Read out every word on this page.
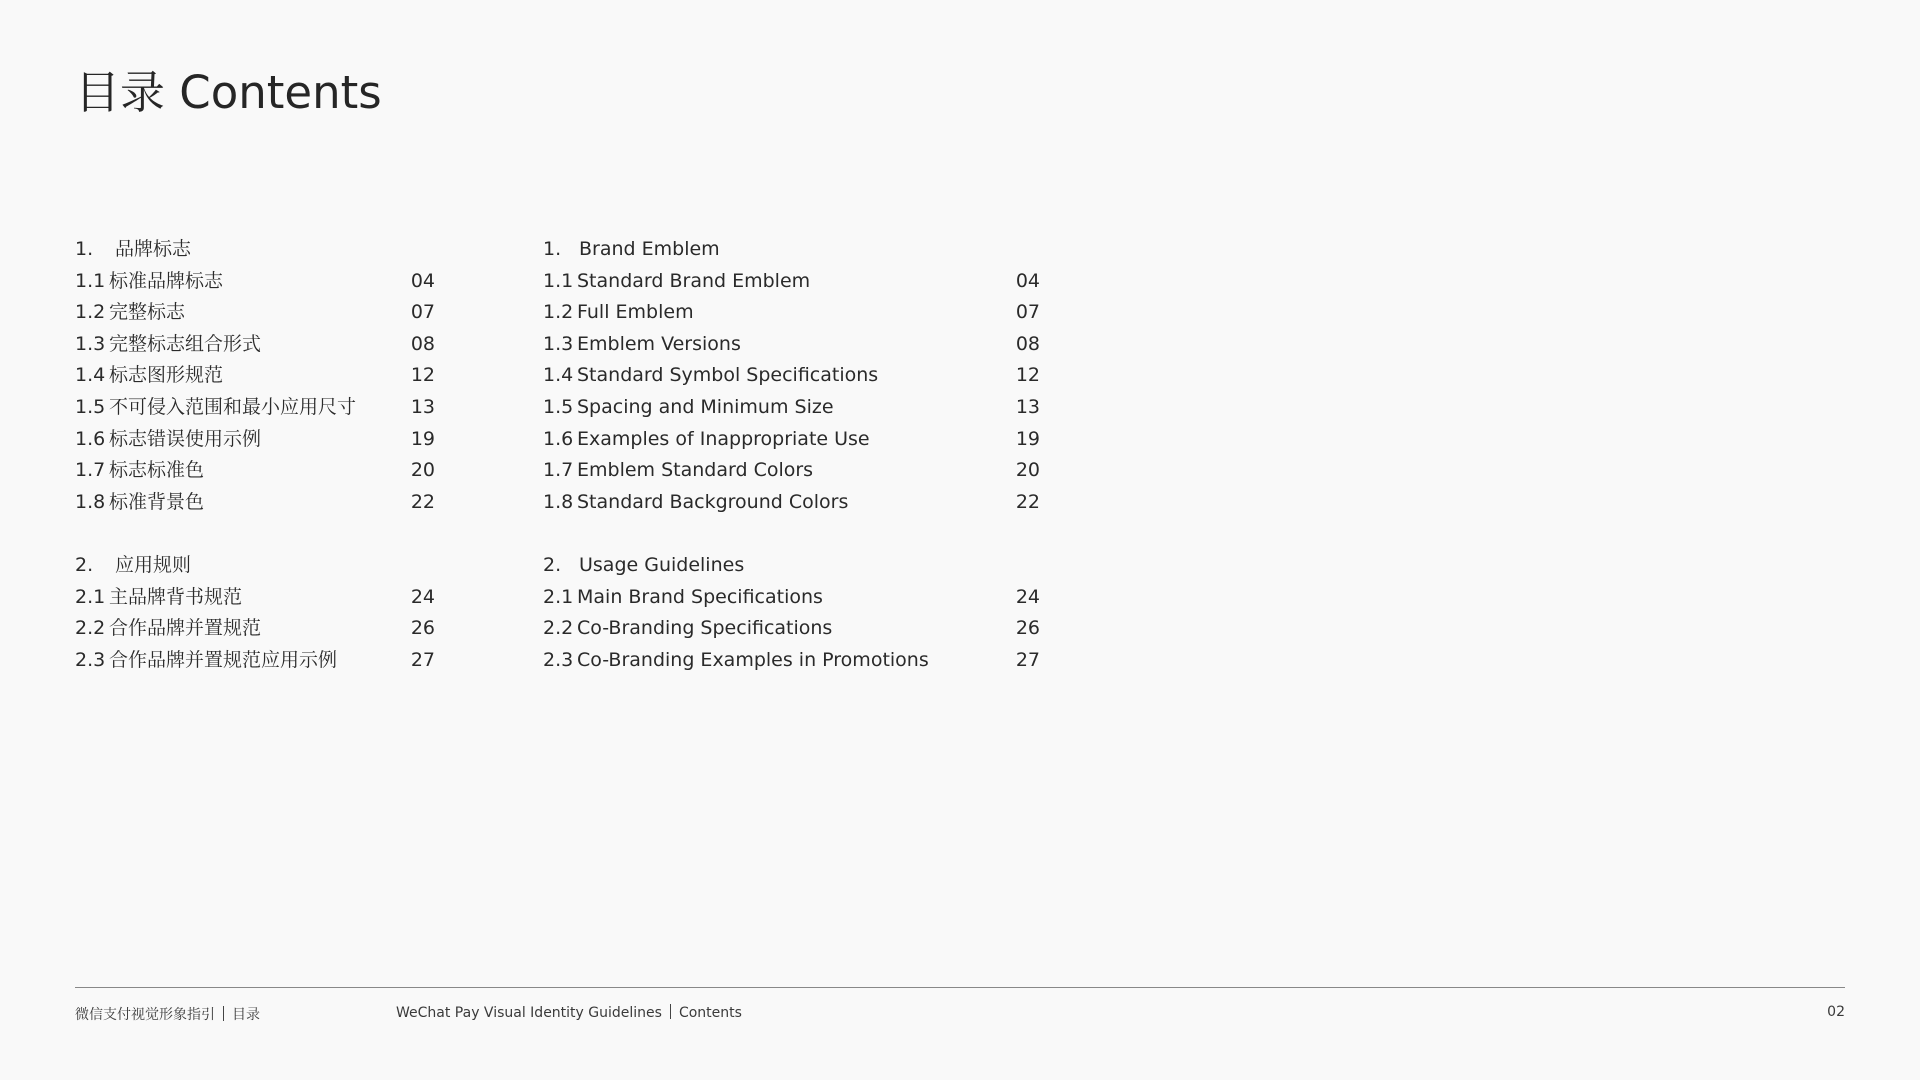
目录 Contents
1. 品牌标志
1.1 标准品牌标志	04
1.2 完整标志	07
1.3 完整标志组合形式	08
1.4 标志图形规范	12
1.5 不可侵入范围和最小应用尺寸	13
1.6 标志错误使用示例	19
1.7 标志标准色	20
1.8 标准背景色	22
2. 应用规则
2.1 主品牌背书规范	24
2.2 合作品牌并置规范	26
2.3 合作品牌并置规范应用示例	27
1. Brand Emblem
1.1 Standard Brand Emblem	04
1.2 Full Emblem	07
1.3 Emblem Versions	08
1.4 Standard Symbol Specifications	12
1.5 Spacing and Minimum Size	13
1.6 Examples of Inappropriate Use	19
1.7 Emblem Standard Colors	20
1.8 Standard Background Colors	22
2. Usage Guidelines
2.1 Main Brand Specifications	24
2.2 Co-Branding Specifications	26
2.3 Co-Branding Examples in Promotions	27
微信支付视觉形象指引 目录	WeChat Pay Visual Identity Guidelines Contents	02
